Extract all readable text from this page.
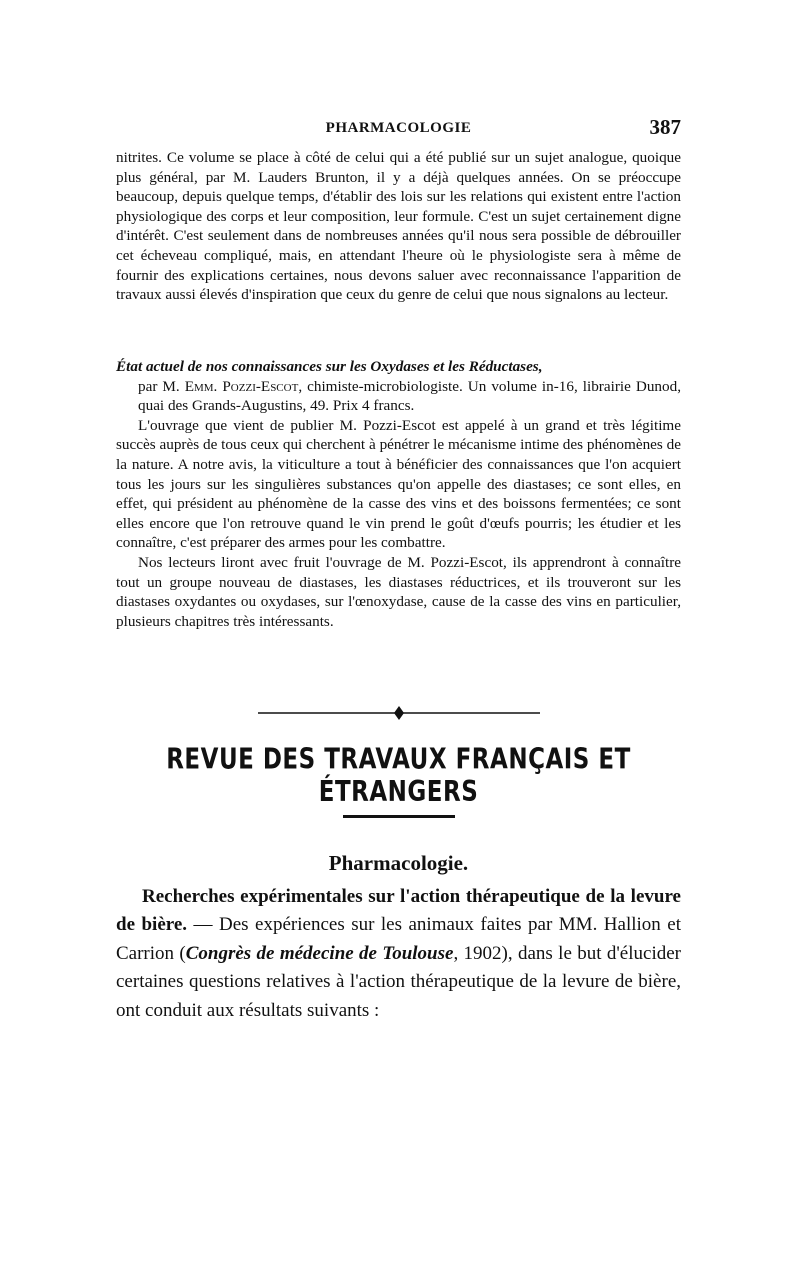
PHARMACOLOGIE	387
nitrites. Ce volume se place à côté de celui qui a été publié sur un sujet analogue, quoique plus général, par M. Lauders Brunton, il y a déjà quelques années. On se préoccupe beaucoup, depuis quelque temps, d'établir des lois sur les relations qui existent entre l'action physiologique des corps et leur composition, leur formule. C'est un sujet certainement digne d'intérêt. C'est seulement dans de nombreuses années qu'il nous sera possible de débrouiller cet écheveau compliqué, mais, en attendant l'heure où le physiologiste sera à même de fournir des explications certaines, nous devons saluer avec reconnaissance l'apparition de travaux aussi élevés d'inspiration que ceux du genre de celui que nous signalons au lecteur.

État actuel de nos connaissances sur les Oxydases et les Réductases,
par M. Emm. Pozzi-Escot, chimiste-microbiologiste. Un volume in-16, librairie Dunod, quai des Grands-Augustins, 49. Prix 4 francs.

L'ouvrage que vient de publier M. Pozzi-Escot est appelé à un grand et très légitime succès auprès de tous ceux qui cherchent à pénétrer le mécanisme intime des phénomènes de la nature. A notre avis, la viticulture a tout à bénéficier des connaissances que l'on acquiert tous les jours sur les singulières substances qu'on appelle des diastases; ce sont elles, en effet, qui président au phénomène de la casse des vins et des boissons fermentées; ce sont elles encore que l'on retrouve quand le vin prend le goût d'œufs pourris; les étudier et les connaître, c'est préparer des armes pour les combattre.

Nos lecteurs liront avec fruit l'ouvrage de M. Pozzi-Escot, ils apprendront à connaître tout un groupe nouveau de diastases, les diastases réductrices, et ils trouveront sur les diastases oxydantes ou oxydases, sur l'œnoxydase, cause de la casse des vins en particulier, plusieurs chapitres très intéressants.

REVUE DES TRAVAUX FRANÇAIS ET ÉTRANGERS
Pharmacologie.

Recherches expérimentales sur l'action thérapeutique de la levure de bière. — Des expériences sur les animaux faites par MM. Hallion et Carrion (Congrès de médecine de Toulouse, 1902), dans le but d'élucider certaines questions relatives à l'action thérapeutique de la levure de bière, ont conduit aux résultats suivants :
